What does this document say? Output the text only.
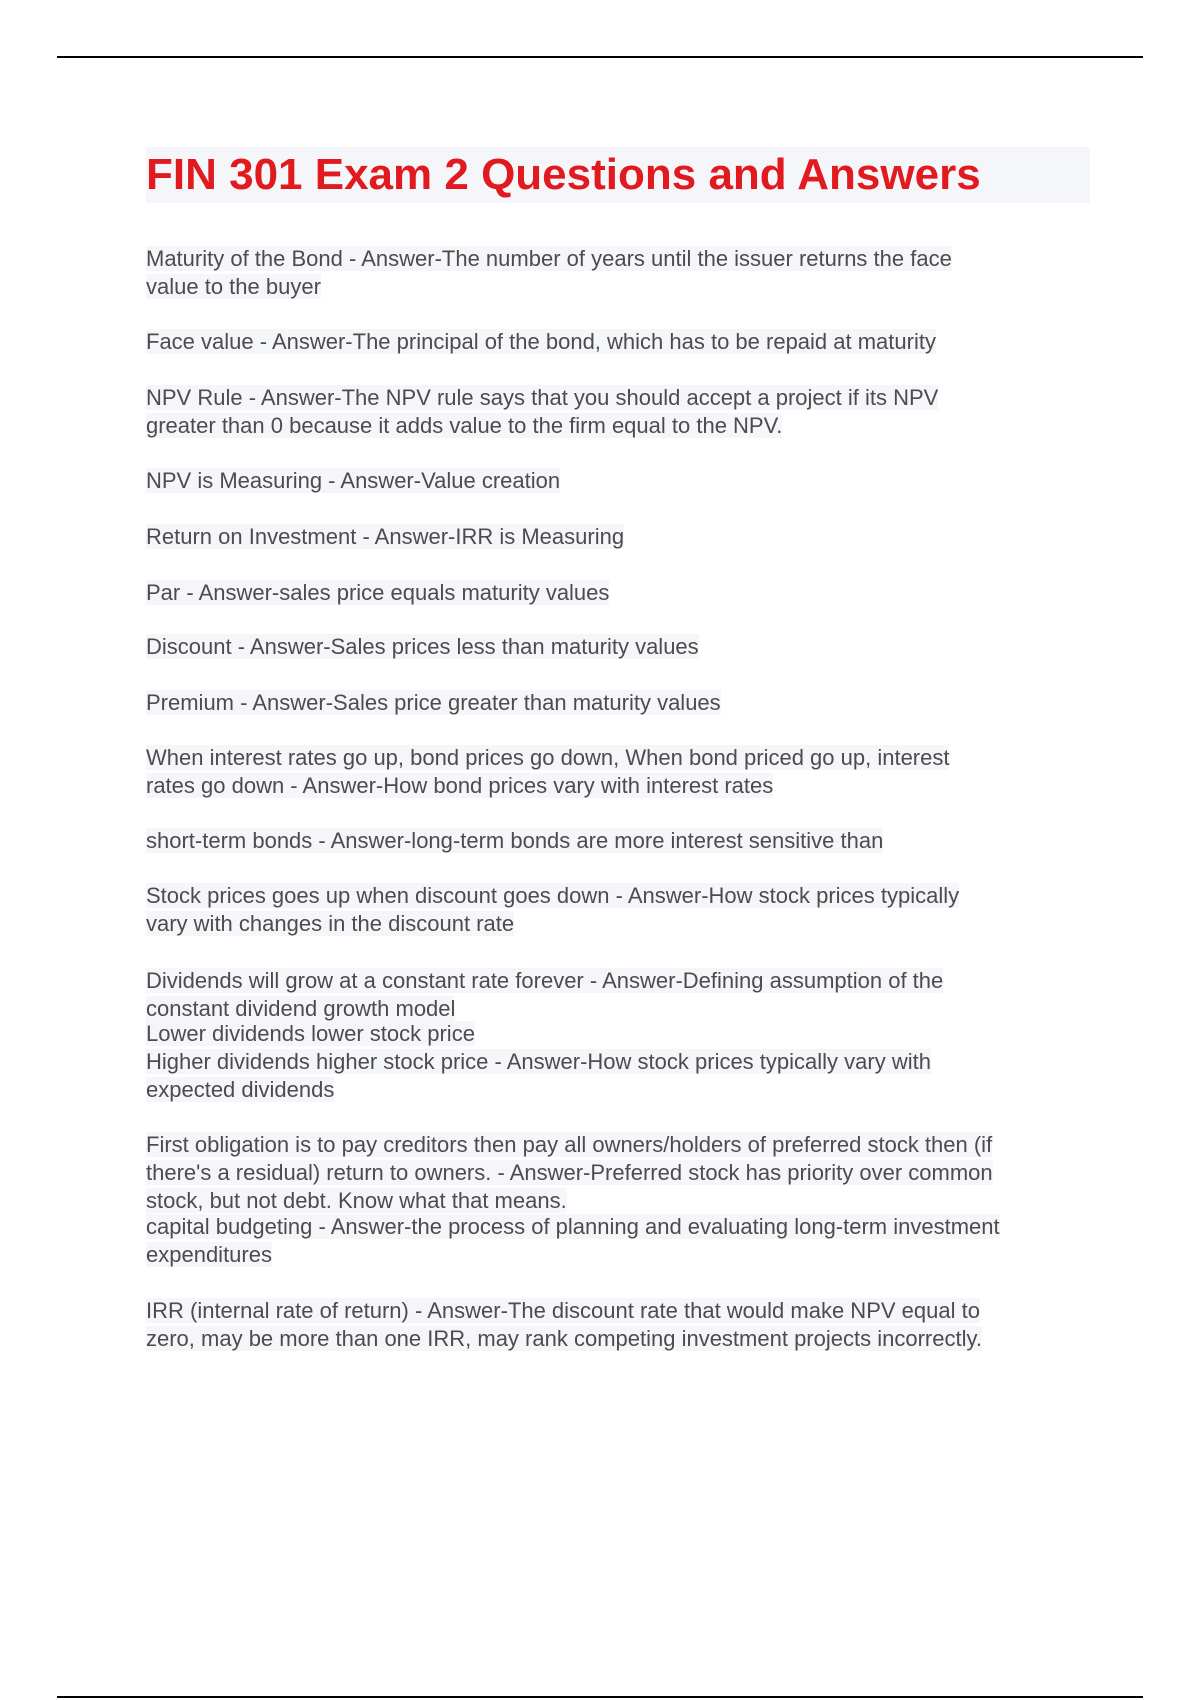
FIN 301 Exam 2 Questions and Answers

Maturity of the Bond - Answer-The number of years until the issuer returns the face
value to the buyer

Face value - Answer-The principal of the bond, which has to be repaid at maturity

NPV Rule - Answer-The NPV rule says that you should accept a project if its NPV
greater than 0 because it adds value to the firm equal to the NPV.

NPV is Measuring - Answer-Value creation

Return on Investment - Answer-IRR is Measuring

Par - Answer-sales price equals maturity values

Discount - Answer-Sales prices less than maturity values

Premium - Answer-Sales price greater than maturity values

When interest rates go up, bond prices go down, When bond priced go up, interest
rates go down - Answer-How bond prices vary with interest rates

short-term bonds - Answer-long-term bonds are more interest sensitive than

Stock prices goes up when discount goes down - Answer-How stock prices typically
vary with changes in the discount rate

Dividends will grow at a constant rate forever - Answer-Defining assumption of the
constant dividend growth model

Lower dividends lower stock price
Higher dividends higher stock price - Answer-How stock prices typically vary with
expected dividends

First obligation is to pay creditors then pay all owners/holders of preferred stock then (if
there's a residual) return to owners. - Answer-Preferred stock has priority over common
stock, but not debt. Know what that means.

capital budgeting - Answer-the process of planning and evaluating long-term investment
expenditures

IRR (internal rate of return) - Answer-The discount rate that would make NPV equal to
zero, may be more than one IRR, may rank competing investment projects incorrectly.
